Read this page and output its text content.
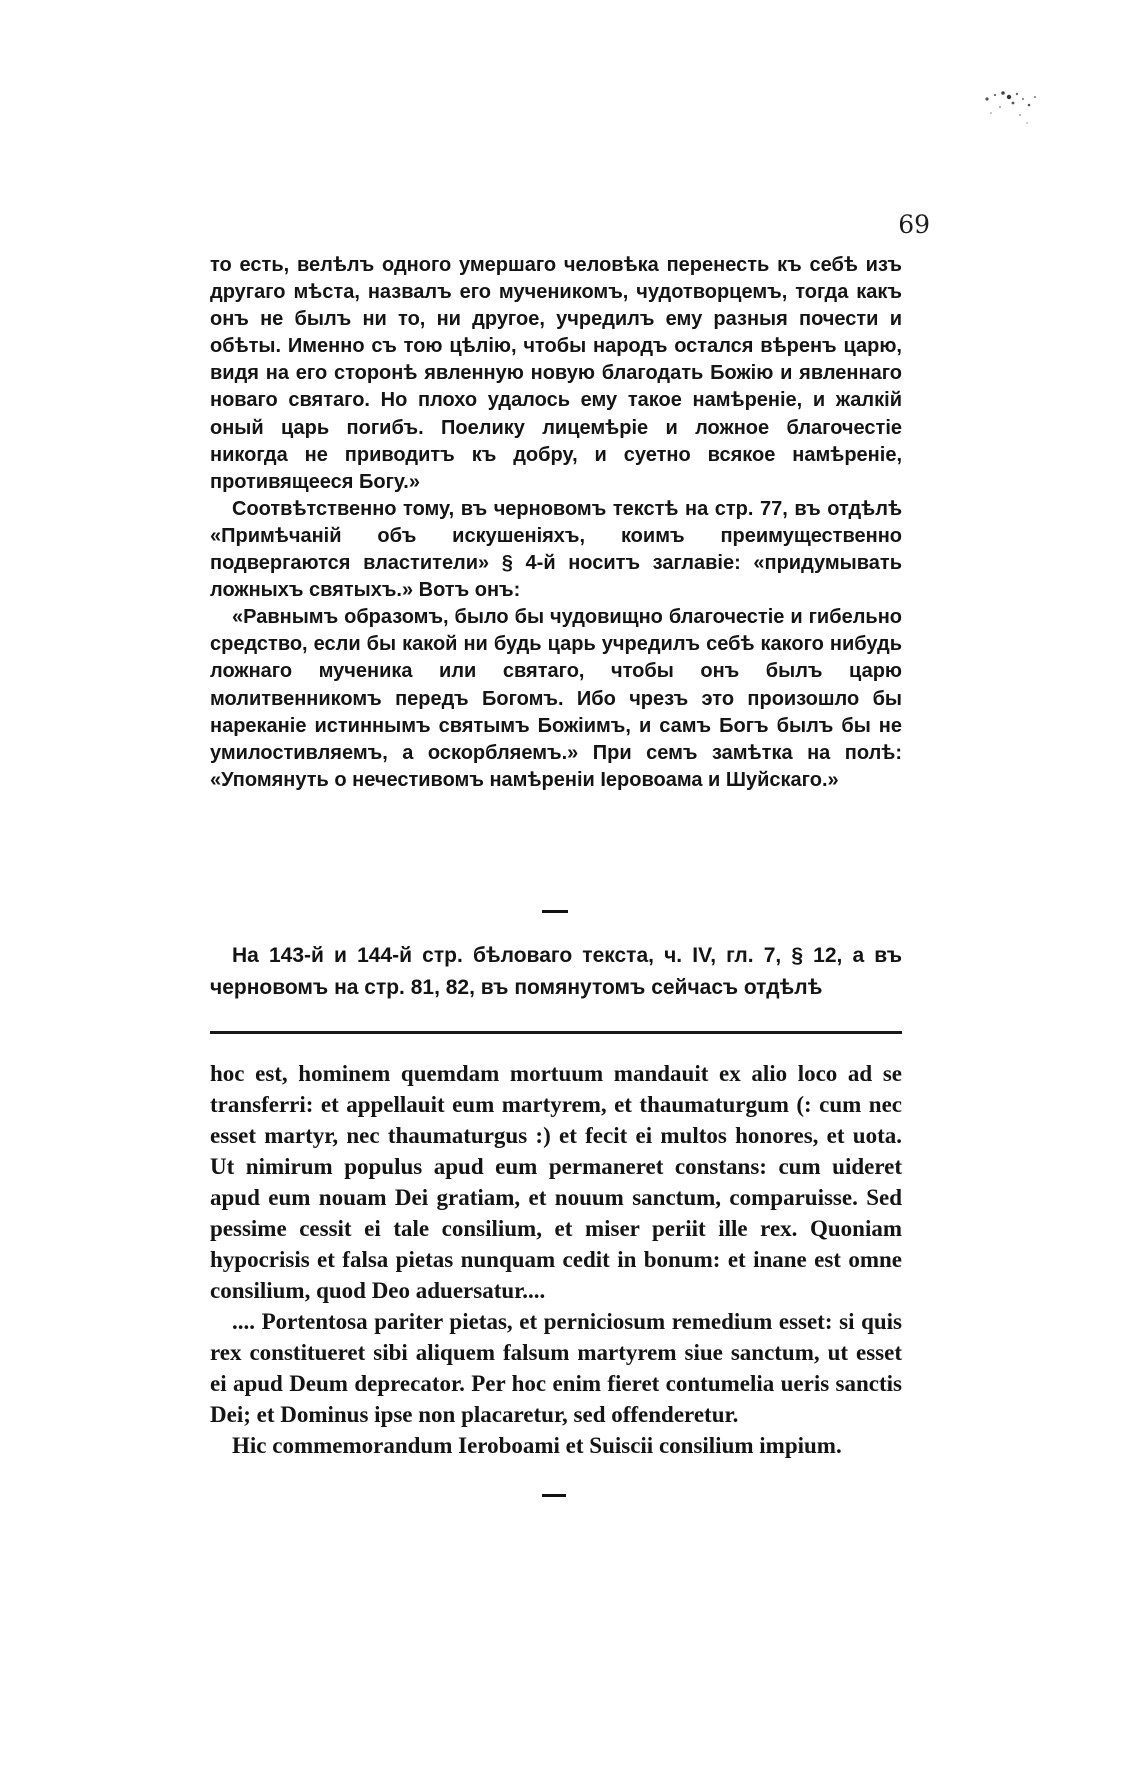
69

то есть, велѣлъ одного умершаго человѣка перенесть къ себѣ изъ другаго мѣста, назвалъ его мученикомъ, чудотворцемъ, тогда какъ онъ не былъ ни то, ни другое, учредилъ ему разныя почести и обѣты. Именно съ тою цѣлію, чтобы народъ остался вѣренъ царю, видя на его сторонѣ явленную новую благодать Божію и явленнаго новаго святаго. Но плохо удалось ему такое намѣреніе, и жалкій оный царь погибъ. Поелику лицемѣріе и ложное благочестіе никогда не приводитъ къ добру, и суетно всякое намѣреніе, противящееся Богу.»

Соотвѣтственно тому, въ черновомъ текстѣ на стр. 77, въ отдѣлѣ «Примѣчаній объ искушеніяхъ, коимъ преимущественно подвергаются властители» § 4-й носитъ заглавіе: «придумывать ложныхъ святыхъ.» Вотъ онъ:

«Равнымъ образомъ, было бы чудовищно благочестіе и гибельно средство, если бы какой ни будь царь учредилъ себѣ какого нибудь ложнаго мученика или святаго, чтобы онъ былъ царю молитвенникомъ передъ Богомъ. Ибо чрезъ это произошло бы нареканіе истиннымъ святымъ Божіимъ, и самъ Богъ былъ бы не умилостивляемъ, а оскорбляемъ.» При семъ замѣтка на полѣ: «Упомянуть о нечестивомъ намѣреніи Іеровоама и Шуйскаго.»

На 143-й и 144-й стр. бѣловаго текста, ч. IV, гл. 7, § 12, а въ черновомъ на стр. 81, 82, въ помянутомъ сейчасъ отдѣлѣ

hoc est, hominem quemdam mortuum mandauit ex alio loco ad se transferri: et appellauit eum martyrem, et thaumaturgum (: cum nec esset martyr, nec thaumaturgus :) et fecit ei multos honores, et uota. Ut nimirum populus apud eum permaneret constans: cum uideret apud eum nouam Dei gratiam, et nouum sanctum, comparuisse. Sed pessime cessit ei tale consilium, et miser periit ille rex. Quoniam hypocrisis et falsa pietas nunquam cedit in bonum: et inane est omne consilium, quod Deo aduersatur....

.... Portentosa pariter pietas, et perniciosum remedium esset: si quis rex constitueret sibi aliquem falsum martyrem siue sanctum, ut esset ei apud Deum deprecator. Per hoc enim fieret contumelia ueris sanctis Dei; et Dominus ipse non placaretur, sed offenderetur.

Hic commemorandum Ieroboami et Suiscii consilium impium.
